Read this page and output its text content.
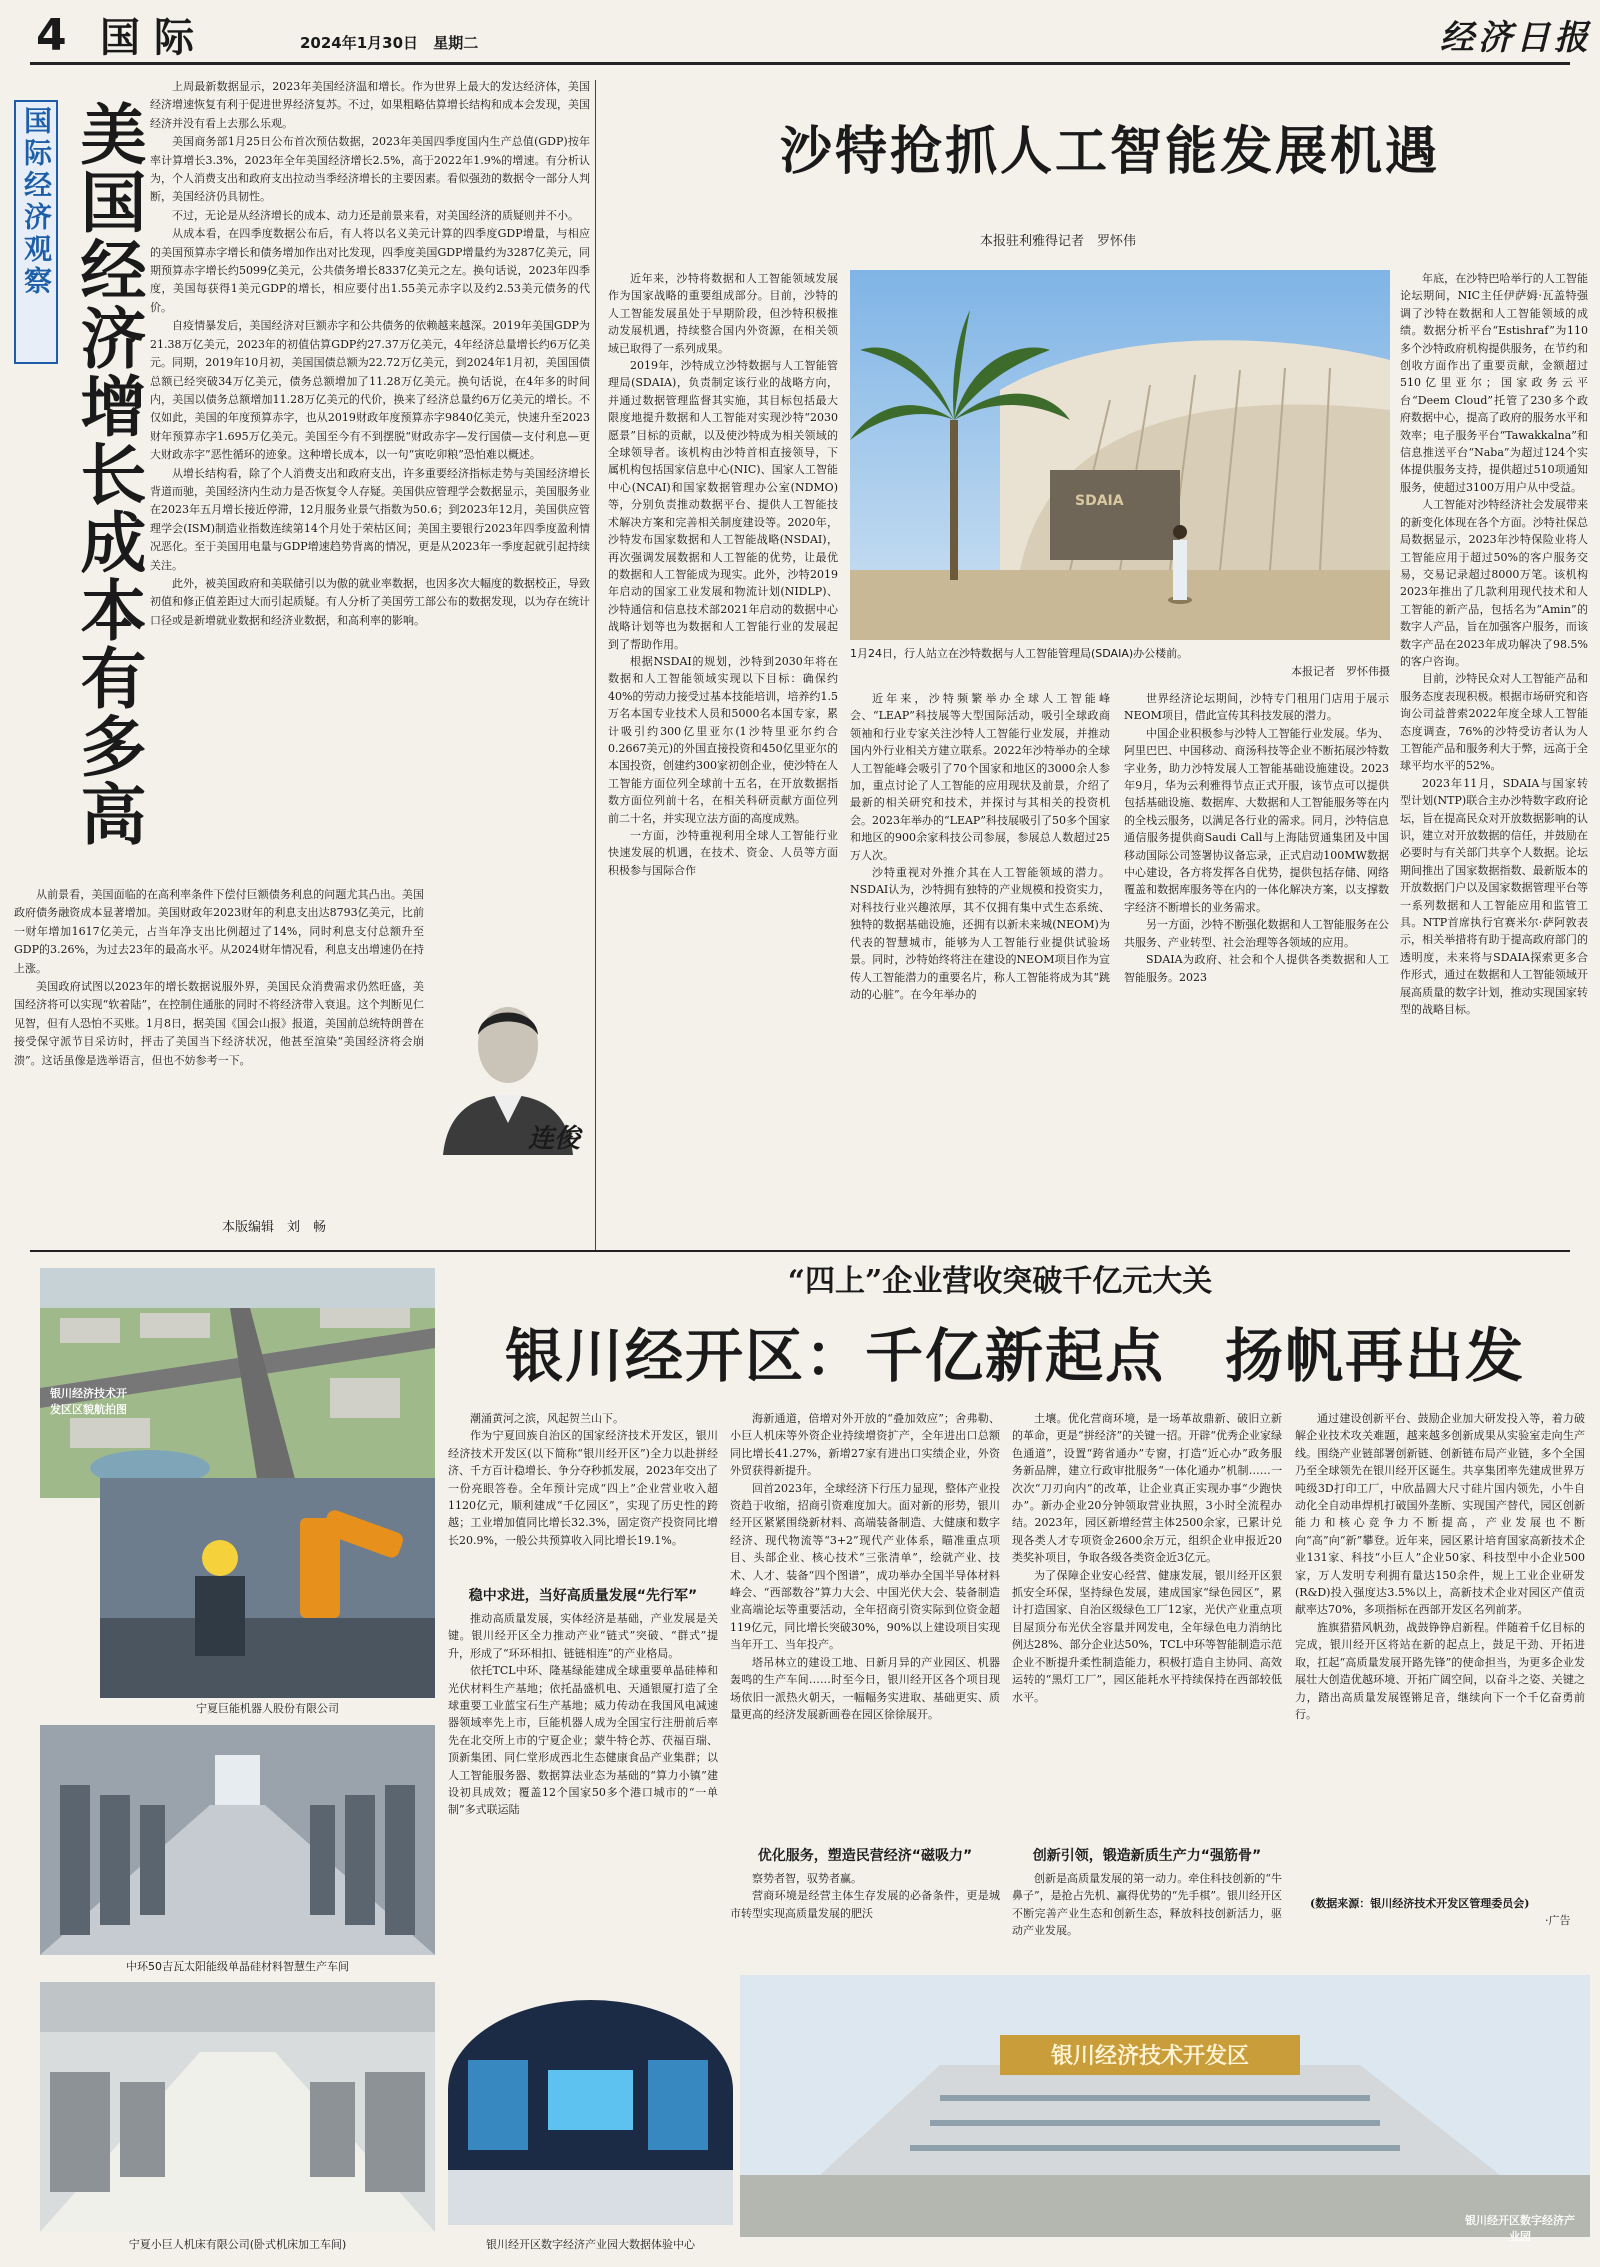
4 国际	2024年1月30日 星期二	经济日报
国际经济观察 美国经济增长成本有多高

上周最新数据显示，2023年美国经济温和增长。作为世界上最大的发达经济体，美国经济增速恢复有利于促进世界经济复苏。不过，如果粗略估算增长结构和成本会发现，美国经济并没有看上去那么乐观。

美国商务部1月25日公布首次预估数据，2023年美国四季度国内生产总值(GDP)按年率计算增长3.3%，2023年全年美国经济增长2.5%，高于2022年1.9%的增速。有分析认为，个人消费支出和政府支出拉动当季经济增长的主要因素。看似强劲的数据令一部分人判断，美国经济仍具韧性。

不过，无论是从经济增长的成本、动力还是前景来看，对美国经济的质疑则并不小。

从成本看，在四季度数据公布后，有人将以名义美元计算的四季度GDP增量，与相应的美国预算赤字增长和债务增加作出对比发现，四季度美国GDP增量约为3287亿美元，同期预算赤字增长约5099亿美元，公共债务增长8337亿美元之左。换句话说，2023年四季度，美国每获得1美元GDP的增长，相应要付出1.55美元赤字以及约2.53美元债务的代价。

自疫情暴发后，美国经济对巨额赤字和公共债务的依赖越来越深。2019年美国GDP为21.38万亿美元，2023年的初值估算GDP约27.37万亿美元，4年经济总量增长约6万亿美元。同期，2019年10月初，美国国债总额为22.72万亿美元，到2024年1月初，美国国债总额已经突破34万亿美元，债务总额增加了11.28万亿美元。换句话说，在4年多的时间内，美国以债务总额增加11.28万亿美元的代价，换来了经济总量约6万亿美元的增长。不仅如此，美国的年度预算赤字，也从2019财政年度预算赤字9840亿美元，快速升至2023财年预算赤字1.695万亿美元。美国至今有不到摆脱“财政赤字—发行国债—支付利息—更大财政赤字”恶性循环的迹象。这种增长成本，以一句“寅吃卯粮”恐怕难以概述。

从增长结构看，除了个人消费支出和政府支出，许多重要经济指标走势与美国经济增长背道而驰，美国经济内生动力是否恢复令人存疑。美国供应管理学会数据显示，美国服务业在2023年五月增长接近停滞，12月服务业景气指数为50.6；到2023年12月，美国供应管理学会(ISM)制造业指数连续第14个月处于荣枯区间；美国主要银行2023年四季度盈利情况恶化。至于美国用电量与GDP增速趋势背离的情况，更是从2023年一季度起就引起持续关注。

此外，被美国政府和美联储引以为傲的就业率数据，也因多次大幅度的数据校正，导致初值和修正值差距过大而引起质疑。有人分析了美国劳工部公布的数据发现，以为存在统计口径或是新增就业数据和经济业数据，和高利率的影响。

从前景看，美国面临的在高利率条件下偿付巨额债务利息的问题尤其凸出。美国政府债务融资成本显著增加。美国财政年2023财年的利息支出达8793亿美元，比前一财年增加1617亿美元，占当年净支出比例超过了14%，同时利息支付总额升至GDP的3.26%，为过去23年的最高水平。从2024财年情况看，利息支出增速仍在持上涨。

美国政府试图以2023年的增长数据说服外界，美国民众消费需求仍然旺盛，美国经济将可以实现“软着陆”，在控制住通胀的同时不将经济带入衰退。这个判断见仁见智，但有人恐怕不买账。1月8日，据美国《国会山报》报道，美国前总统特朗普在接受保守派节目采访时，抨击了美国当下经济状况，他甚至渲染“美国经济将会崩溃”。这话虽像是选举语言，但也不妨参考一下。

连俊
本版编辑　刘　畅
沙特抢抓人工智能发展机遇
本报驻利雅得记者　罗怀伟

近年来，沙特将数据和人工智能领域发展作为国家战略的重要组成部分。目前，沙特的人工智能发展虽处于早期阶段，但沙特积极推动发展机遇，持续整合国内外资源，在相关领域已取得了一系列成果。

2019年，沙特成立沙特数据与人工智能管理局(SDAIA)，负责制定该行业的战略方向，并通过数据管理监督其实施，其目标包括最大限度地提升数据和人工智能对实现沙特“2030愿景”目标的贡献，以及使沙特成为相关领域的全球领导者。该机构由沙特首相直接领导，下属机构包括国家信息中心(NIC)、国家人工智能中心(NCAI)和国家数据管理办公室(NDMO)等，分别负责推动数据平台、提供人工智能技术解决方案和完善相关制度建设等。2020年，沙特发布国家数据和人工智能战略(NSDAI)，再次强调发展数据和人工智能的优势，让最优的数据和人工智能成为现实。此外，沙特2019年启动的国家工业发展和物流计划(NIDLP)、沙特通信和信息技术部2021年启动的数据中心战略计划等也为数据和人工智能行业的发展起到了帮助作用。

根据NSDAI的规划，沙特到2030年将在数据和人工智能领域实现以下目标：确保约40%的劳动力接受过基本技能培训，培养约1.5万名本国专业技术人员和5000名本国专家，累计吸引约300亿里亚尔(1沙特里亚尔约合0.2667美元)的外国直接投资和450亿里亚尔的本国投资，创建约300家初创企业，使沙特在人工智能方面位列全球前十五名，在开放数据指数方面位列前十名，在相关科研贡献方面位列前二十名，并实现立法方面的高度成熟。

一方面，沙特重视利用全球人工智能行业快速发展的机遇，在技术、资金、人员等方面积极参与国际合作

SDAIA
1月24日，行人站立在沙特数据与人工智能管理局(SDAIA)办公楼前。
本报记者　罗怀伟摄

近年来，沙特频繁举办全球人工智能峰会、“LEAP”科技展等大型国际活动，吸引全球政商领袖和行业专家关注沙特人工智能行业发展，并推动国内外行业相关方建立联系。2022年沙特举办的全球人工智能峰会吸引了70个国家和地区的3000余人参加，重点讨论了人工智能的应用现状及前景，介绍了最新的相关研究和技术，并探讨与其相关的投资机会。2023年举办的“LEAP”科技展吸引了50多个国家和地区的900余家科技公司参展，参展总人数超过25万人次。

沙特重视对外推介其在人工智能领域的潜力。NSDAI认为，沙特拥有独特的产业规模和投资实力，对科技行业兴趣浓厚，其不仅拥有集中式生态系统、独特的数据基础设施，还拥有以新未来城(NEOM)为代表的智慧城市，能够为人工智能行业提供试验场景。同时，沙特始终将注在建设的NEOM项目作为宣传人工智能潜力的重要名片，称人工智能将成为其“跳动的心脏”。在今年举办的

世界经济论坛期间，沙特专门租用门店用于展示NEOM项目，借此宣传其科技发展的潜力。

中国企业积极参与沙特人工智能行业发展。华为、阿里巴巴、中国移动、商汤科技等企业不断拓展沙特数字业务，助力沙特发展人工智能基础设施建设。2023年9月，华为云利雅得节点正式开服，该节点可以提供包括基础设施、数据库、大数据和人工智能服务等在内的全栈云服务，以满足各行业的需求。同月，沙特信息通信服务提供商Saudi Call与上海陆贸通集团及中国移动国际公司签署协议备忘录，正式启动100MW数据中心建设，各方将发挥各自优势，提供包括存储、网络覆盖和数据库服务等在内的一体化解决方案，以支撑数字经济不断增长的业务需求。

另一方面，沙特不断强化数据和人工智能服务在公共服务、产业转型、社会治理等各领域的应用。

SDAIA为政府、社会和个人提供各类数据和人工智能服务。2023

年底，在沙特巴哈举行的人工智能论坛期间，NIC主任伊萨姆·瓦盖特强调了沙特在数据和人工智能领域的成绩。数据分析平台“Estishraf”为110多个沙特政府机构提供服务，在节约和创收方面作出了重要贡献，金额超过510亿里亚尔；国家政务云平台“Deem Cloud”托管了230多个政府数据中心，提高了政府的服务水平和效率；电子服务平台“Tawakkalna”和信息推送平台“Naba”为超过124个实体提供服务支持，提供超过510项通知服务，使超过3100万用户从中受益。

人工智能对沙特经济社会发展带来的新变化体现在各个方面。沙特社保总局数据显示，2023年沙特保险业将人工智能应用于超过50%的客户服务交易，交易记录超过8000万笔。该机构2023年推出了几款利用现代技术和人工智能的新产品，包括名为“Amin”的数字人产品，旨在加强客户服务，而该数字产品在2023年成功解决了98.5%的客户咨询。

目前，沙特民众对人工智能产品和服务态度表现积极。根据市场研究和咨询公司益普索2022年度全球人工智能态度调查，76%的沙特受访者认为人工智能产品和服务利大于弊，远高于全球平均水平的52%。

2023年11月，SDAIA与国家转型计划(NTP)联合主办沙特数字政府论坛，旨在提高民众对开放数据影响的认识，建立对开放数据的信任，并鼓励在必要时与有关部门共享个人数据。论坛期间推出了国家数据指数、最新版本的开放数据门户以及国家数据管理平台等一系列数据和人工智能应用和监管工具。NTP首席执行官赛米尔·萨阿敦表示，相关举措将有助于提高政府部门的透明度，未来将与SDAIA探索更多合作形式，通过在数据和人工智能领域开展高质量的数字计划，推动实现国家转型的战略目标。

银川经济技术开发区区貌航拍图
“四上”企业营收突破千亿元大关
银川经开区：千亿新起点　扬帆再出发
宁夏巨能机器人股份有限公司
中环50吉瓦太阳能级单晶硅材料智慧生产车间
宁夏小巨人机床有限公司(卧式机床加工车间)	银川经开区数字经济产业园大数据体验中心
银川经济技术开发区
银川经开区数字经济产业园

潮涌黄河之滨，风起贺兰山下。

作为宁夏回族自治区的国家经济技术开发区，银川经济技术开发区(以下简称“银川经开区”)全力以赴拼经济、千方百计稳增长、争分夺秒抓发展，2023年交出了一份亮眼答卷。全年预计完成“四上”企业营业收入超1120亿元，顺利建成“千亿园区”，实现了历史性的跨越；工业增加值同比增长32.3%，固定资产投资同比增长20.9%，一般公共预算收入同比增长19.1%。

稳中求进，当好高质量发展“先行军”

推动高质量发展，实体经济是基础，产业发展是关键。银川经开区全力推动产业“链式”突破、“群式”提升，形成了“环环相扣、链链相连”的产业格局。

依托TCL中环、隆基绿能建成全球重要单晶硅棒和光伏材料生产基地；依托晶盛机电、天通银厦打造了全球重要工业蓝宝石生产基地；威力传动在我国风电减速器领域率先上市，巨能机器人成为全国宝行注册前后率先在北交所上市的宁夏企业；蒙牛特仑苏、茯福百瑞、顶新集团、同仁堂形成西北生态健康食品产业集群；以人工智能服务器、数据算法业态为基础的“算力小镇”建设初具成效；覆盖12个国家50多个港口城市的“一单制”多式联运陆

海新通道，倍增对外开放的“叠加效应”；舍弗勒、小巨人机床等外资企业持续增资扩产，全年进出口总额同比增长41.27%，新增27家有进出口实绩企业，外资外贸获得新提升。

回首2023年，全球经济下行压力显现，整体产业投资趋于收缩，招商引资难度加大。面对新的形势，银川经开区紧紧围绕新材料、高端装备制造、大健康和数字经济、现代物流等“3+2”现代产业体系，瞄准重点项目、头部企业、核心技术“三张清单”，绘就产业、技术、人才、装备“四个图谱”，成功举办全国半导体材料峰会、“西部数谷”算力大会、中国光伏大会、装备制造业高端论坛等重要活动，全年招商引资实际到位资金超119亿元，同比增长突破30%，90%以上建设项目实现当年开工、当年投产。

塔吊林立的建设工地、日新月异的产业园区、机器轰鸣的生产车间……时至今日，银川经开区各个项目现场依旧一派热火朝天，一幅幅务实进取、基础更实、质量更高的经济发展新画卷在园区徐徐展开。

优化服务，塑造民营经济“磁吸力”

察势者智，驭势者赢。

营商环境是经营主体生存发展的必备条件，更是城市转型实现高质量发展的肥沃

土壤。优化营商环境，是一场革故鼎新、破旧立新的革命，更是“拼经济”的关键一招。开辟“优秀企业家绿色通道”，设置“跨省通办”专窗，打造“近心办”政务服务新品牌，建立行政审批服务“一体化通办”机制……一次次“刀刃向内”的改革，让企业真正实现办事“少跑快办”。新办企业20分钟领取营业执照，3小时全流程办结。2023年，园区新增经营主体2500余家，已累计兑现各类人才专项资金2600余万元，组织企业申报近20类奖补项目，争取各级各类资金近3亿元。

为了保障企业安心经营、健康发展，银川经开区狠抓安全环保，坚持绿色发展，建成国家“绿色园区”，累计打造国家、自治区级绿色工厂12家，光伏产业重点项目屋顶分布光伏全容量并网发电，全年绿色电力消纳比例达28%、部分企业达50%，TCL中环等智能制造示范企业不断提升柔性制造能力，积极打造自主协同、高效运转的“黑灯工厂”，园区能耗水平持续保持在西部较低水平。

创新引领，锻造新质生产力“强筋骨”

创新是高质量发展的第一动力。牵住科技创新的“牛鼻子”，是抢占先机、赢得优势的“先手棋”。银川经开区不断完善产业生态和创新生态，释放科技创新活力，驱动产业发展。

通过建设创新平台、鼓励企业加大研发投入等，着力破解企业技术攻关难题，越来越多创新成果从实验室走向生产线。围绕产业链部署创新链、创新链布局产业链，多个全国乃至全球领先在银川经开区诞生。共享集团率先建成世界万吨级3D打印工厂，中欣晶圆大尺寸硅片国内领先，小牛自动化全自动串焊机打破国外垄断、实现国产替代，园区创新能力和核心竞争力不断提高，产业发展也不断向“高”向“新”攀登。近年来，园区累计培育国家高新技术企业131家、科技“小巨人”企业50家、科技型中小企业500家，万人发明专利拥有量达150余件，规上工业企业研发(R&D)投入强度达3.5%以上，高新技术企业对园区产值贡献率达70%，多项指标在西部开发区名列前茅。

旌旗猎猎风帆劲，战鼓铮铮启新程。伴随着千亿目标的完成，银川经开区将站在新的起点上，鼓足干劲、开拓进取，扛起“高质量发展开路先锋”的使命担当，为更多企业发展壮大创造优越环境、开拓广阔空间，以奋斗之姿、关键之力，踏出高质量发展铿锵足音，继续向下一个千亿奋勇前行。

(数据来源：银川经济技术开发区管理委员会)
·广告
